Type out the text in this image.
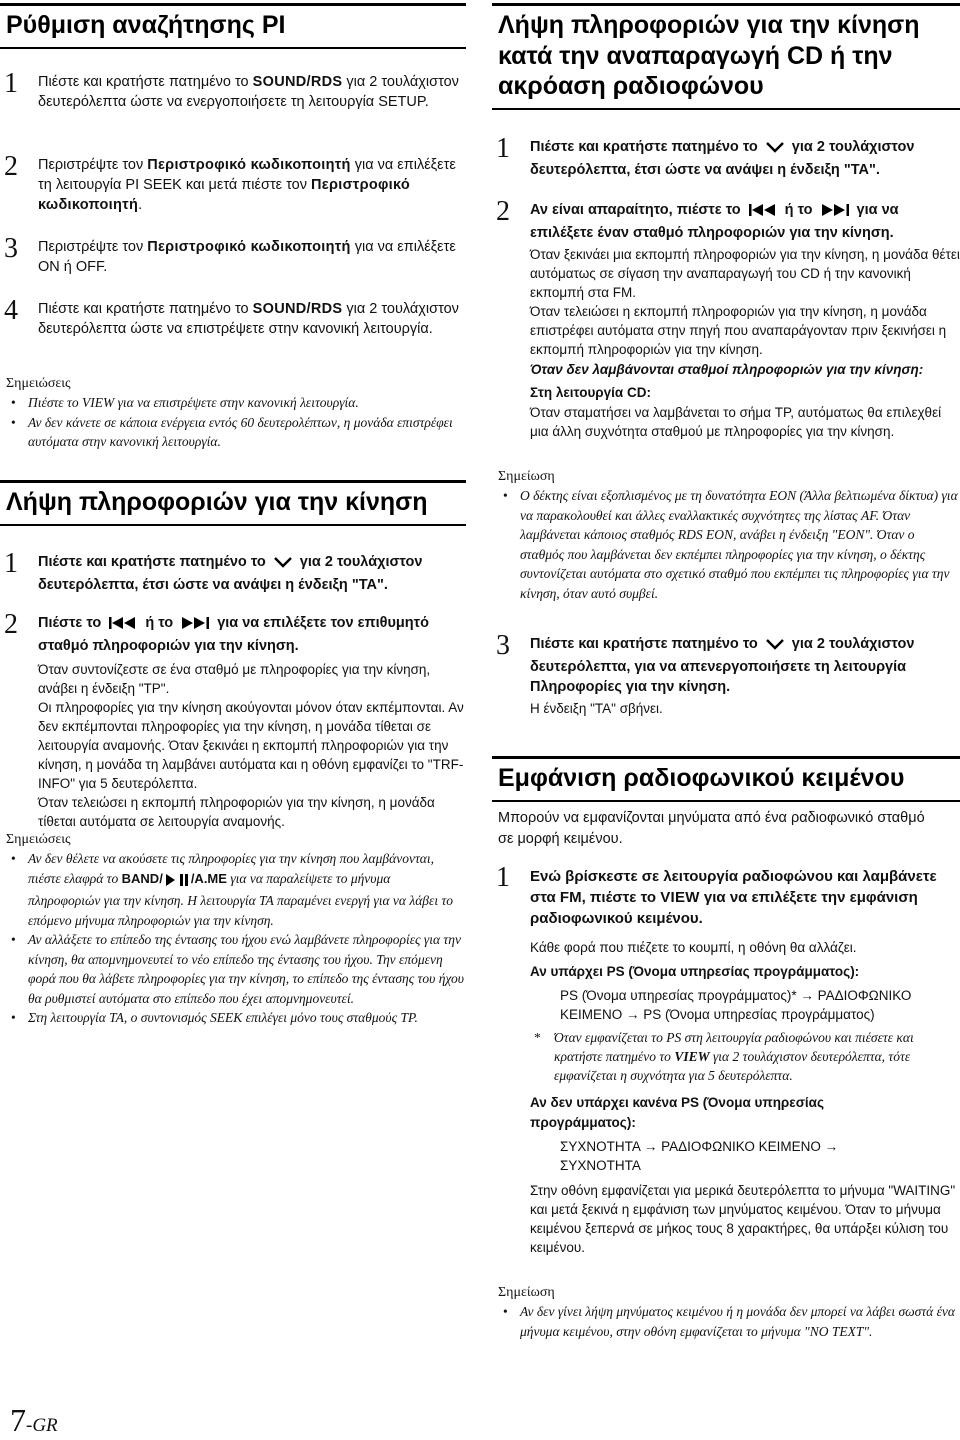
Ρύθμιση αναζήτησης PI
1 Πιέστε και κρατήστε πατημένο το SOUND/RDS για 2 τουλάχιστον δευτερόλεπτα ώστε να ενεργοποιήσετε τη λειτουργία SETUP.
2 Περιστρέψτε τον Περιστροφικό κωδικοποιητή για να επιλέξετε τη λειτουργία PI SEEK και μετά πιέστε τον Περιστροφικό κωδικοποιητή.
3 Περιστρέψτε τον Περιστροφικό κωδικοποιητή για να επιλέξετε ON ή OFF.
4 Πιέστε και κρατήστε πατημένο το SOUND/RDS για 2 τουλάχιστον δευτερόλεπτα ώστε να επιστρέψετε στην κανονική λειτουργία.
Σημειώσεις
• Πιέστε το VIEW για να επιστρέψετε στην κανονική λειτουργία.
• Αν δεν κάνετε σε κάποια ενέργεια εντός 60 δευτερολέπτων, η μονάδα επιστρέφει αυτόματα στην κανονική λειτουργία.
Λήψη πληροφοριών για την κίνηση
1 Πιέστε και κρατήστε πατημένο το  για 2 τουλάχιστον δευτερόλεπτα, έτσι ώστε να ανάψει η ένδειξη "TA".
2 Πιέστε το  ή το  για να επιλέξετε τον επιθυμητό σταθμό πληροφοριών για την κίνηση.

Όταν συντονίζεστε σε ένα σταθμό με πληροφορίες για την κίνηση, ανάβει η ένδειξη "TP".

Οι πληροφορίες για την κίνηση ακούγονται μόνον όταν εκπέμπονται. Αν δεν εκπέμπονται πληροφορίες για την κίνηση, η μονάδα τίθεται σε λειτουργία αναμονής. Όταν ξεκινάει η εκπομπή πληροφοριών για την κίνηση, η μονάδα τη λαμβάνει αυτόματα και η οθόνη εμφανίζει το "TRF-INFO" για 5 δευτερόλεπτα.

Όταν τελειώσει η εκπομπή πληροφοριών για την κίνηση, η μονάδα τίθεται αυτόματα σε λειτουργία αναμονής.

Σημειώσεις
• Αν δεν θέλετε να ακούσετε τις πληροφορίες για την κίνηση που λαμβάνονται, πιέστε ελαφρά το BAND/ /A.ME για να παραλείψετε το μήνυμα πληροφοριών για την κίνηση. Η λειτουργία TA παραμένει ενεργή για να λάβει το επόμενο μήνυμα πληροφοριών για την κίνηση.
• Αν αλλάξετε το επίπεδο της έντασης του ήχου ενώ λαμβάνετε πληροφορίες για την κίνηση, θα απομνημονευτεί το νέο επίπεδο της έντασης του ήχου. Την επόμενη φορά που θα λάβετε πληροφορίες για την κίνηση, το επίπεδο της έντασης του ήχου θα ρυθμιστεί αυτόματα στο επίπεδο που έχει απομνημονευτεί.
• Στη λειτουργία TA, ο συντονισμός SEEK επιλέγει μόνο τους σταθμούς TP.
7-GR
Λήψη πληροφοριών για την κίνηση κατά την αναπαραγωγή CD ή την ακρόαση ραδιοφώνου
1 Πιέστε και κρατήστε πατημένο το  για 2 τουλάχιστον δευτερόλεπτα, έτσι ώστε να ανάψει η ένδειξη "TA".
2 Αν είναι απαραίτητο, πιέστε το  ή το  για να επιλέξετε έναν σταθμό πληροφοριών για την κίνηση.

Όταν ξεκινάει μια εκπομπή πληροφοριών για την κίνηση, η μονάδα θέτει αυτόματως σε σίγαση την αναπαραγωγή του CD ή την κανονική εκπομπή στα FM.

Όταν τελειώσει η εκπομπή πληροφοριών για την κίνηση, η μονάδα επιστρέφει αυτόματα στην πηγή που αναπαράγονταν πριν ξεκινήσει η εκπομπή πληροφοριών για την κίνηση.

Όταν δεν λαμβάνονται σταθμοί πληροφοριών για την κίνηση:
Στη λειτουργία CD:
Όταν σταματήσει να λαμβάνεται το σήμα TP, αυτόματως θα επιλεχθεί μια άλλη συχνότητα σταθμού με πληροφορίες για την κίνηση.
Σημείωση
• Ο δέκτης είναι εξοπλισμένος με τη δυνατότητα EON (Άλλα βελτιωμένα δίκτυα) για να παρακολουθεί και άλλες εναλλακτικές συχνότητες της λίστας AF. Όταν λαμβάνεται κάποιος σταθμός RDS EON, ανάβει η ένδειξη "EON". Όταν ο σταθμός που λαμβάνεται δεν εκπέμπει πληροφορίες για την κίνηση, ο δέκτης συντονίζεται αυτόματα στο σχετικό σταθμό που εκπέμπει τις πληροφορίες για την κίνηση, όταν αυτό συμβεί.
3 Πιέστε και κρατήστε πατημένο το  για 2 τουλάχιστον δευτερόλεπτα, για να απενεργοποιήσετε τη λειτουργία Πληροφορίες για την κίνηση.
Η ένδειξη "TA" σβήνει.
Εμφάνιση ραδιοφωνικού κειμένου
Μπορούν να εμφανίζονται μηνύματα από ένα ραδιοφωνικό σταθμό σε μορφή κειμένου.
1 Ενώ βρίσκεστε σε λειτουργία ραδιοφώνου και λαμβάνετε στα FM, πιέστε το VIEW για να επιλέξετε την εμφάνιση ραδιοφωνικού κειμένου.
Κάθε φορά που πιέζετε το κουμπί, η οθόνη θα αλλάζει.
Αν υπάρχει PS (Όνομα υπηρεσίας προγράμματος):
PS (Όνομα υπηρεσίας προγράμματος)* → ΡΑΔΙΟΦΩΝΙΚΟ ΚΕΙΜΕΝΟ → PS (Όνομα υπηρεσίας προγράμματος)
* Όταν εμφανίζεται το PS στη λειτουργία ραδιοφώνου και πιέσετε και κρατήστε πατημένο το VIEW για 2 τουλάχιστον δευτερόλεπτα, τότε εμφανίζεται η συχνότητα για 5 δευτερόλεπτα.
Αν δεν υπάρχει κανένα PS (Όνομα υπηρεσίας προγράμματος):
ΣΥΧΝΟΤΗΤΑ → ΡΑΔΙΟΦΩΝΙΚΟ ΚΕΙΜΕΝΟ → ΣΥΧΝΟΤΗΤΑ
Στην οθόνη εμφανίζεται για μερικά δευτερόλεπτα το μήνυμα "WAITING" και μετά ξεκινά η εμφάνιση των μηνύματος κειμένου. Όταν το μήνυμα κειμένου ξεπερνά σε μήκος τους 8 χαρακτήρες, θα υπάρξει κύλιση του κειμένου.
Σημείωση
• Αν δεν γίνει λήψη μηνύματος κειμένου ή η μονάδα δεν μπορεί να λάβει σωστά ένα μήνυμα κειμένου, στην οθόνη εμφανίζεται το μήνυμα "NO TEXT".
